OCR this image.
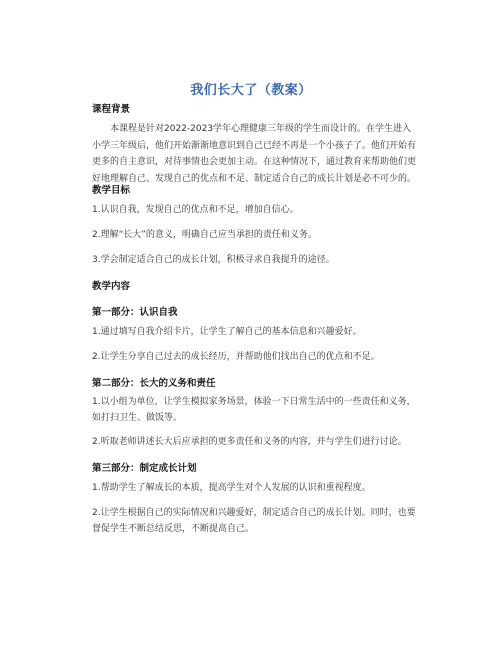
我们长大了（教案）
课程背景
本课程是针对2022-2023学年心理健康三年级的学生而设计的。在学生进入小学三年级后，他们开始渐渐地意识到自己已经不再是一个小孩子了。他们开始有更多的自主意识，对待事情也会更加主动。在这种情况下，通过教育来帮助他们更好地理解自己、发现自己的优点和不足、制定适合自己的成长计划是必不可少的。
教学目标
1.认识自我，发现自己的优点和不足，增加自信心。
2.理解“长大”的意义，明确自己应当承担的责任和义务。
3.学会制定适合自己的成长计划，积极寻求自我提升的途径。
教学内容
第一部分：认识自我
1.通过填写自我介绍卡片，让学生了解自己的基本信息和兴趣爱好。
2.让学生分享自己过去的成长经历，并帮助他们找出自己的优点和不足。
第二部分：长大的义务和责任
1.以小组为单位，让学生模拟家务场景，体验一下日常生活中的一些责任和义务，如打扫卫生、做饭等。
2.听取老师讲述长大后应承担的更多责任和义务的内容，并与学生们进行讨论。
第三部分：制定成长计划
1.帮助学生了解成长的本质，提高学生对个人发展的认识和重视程度。
2.让学生根据自己的实际情况和兴趣爱好，制定适合自己的成长计划。同时，也要督促学生不断总结反思，不断提高自己。
